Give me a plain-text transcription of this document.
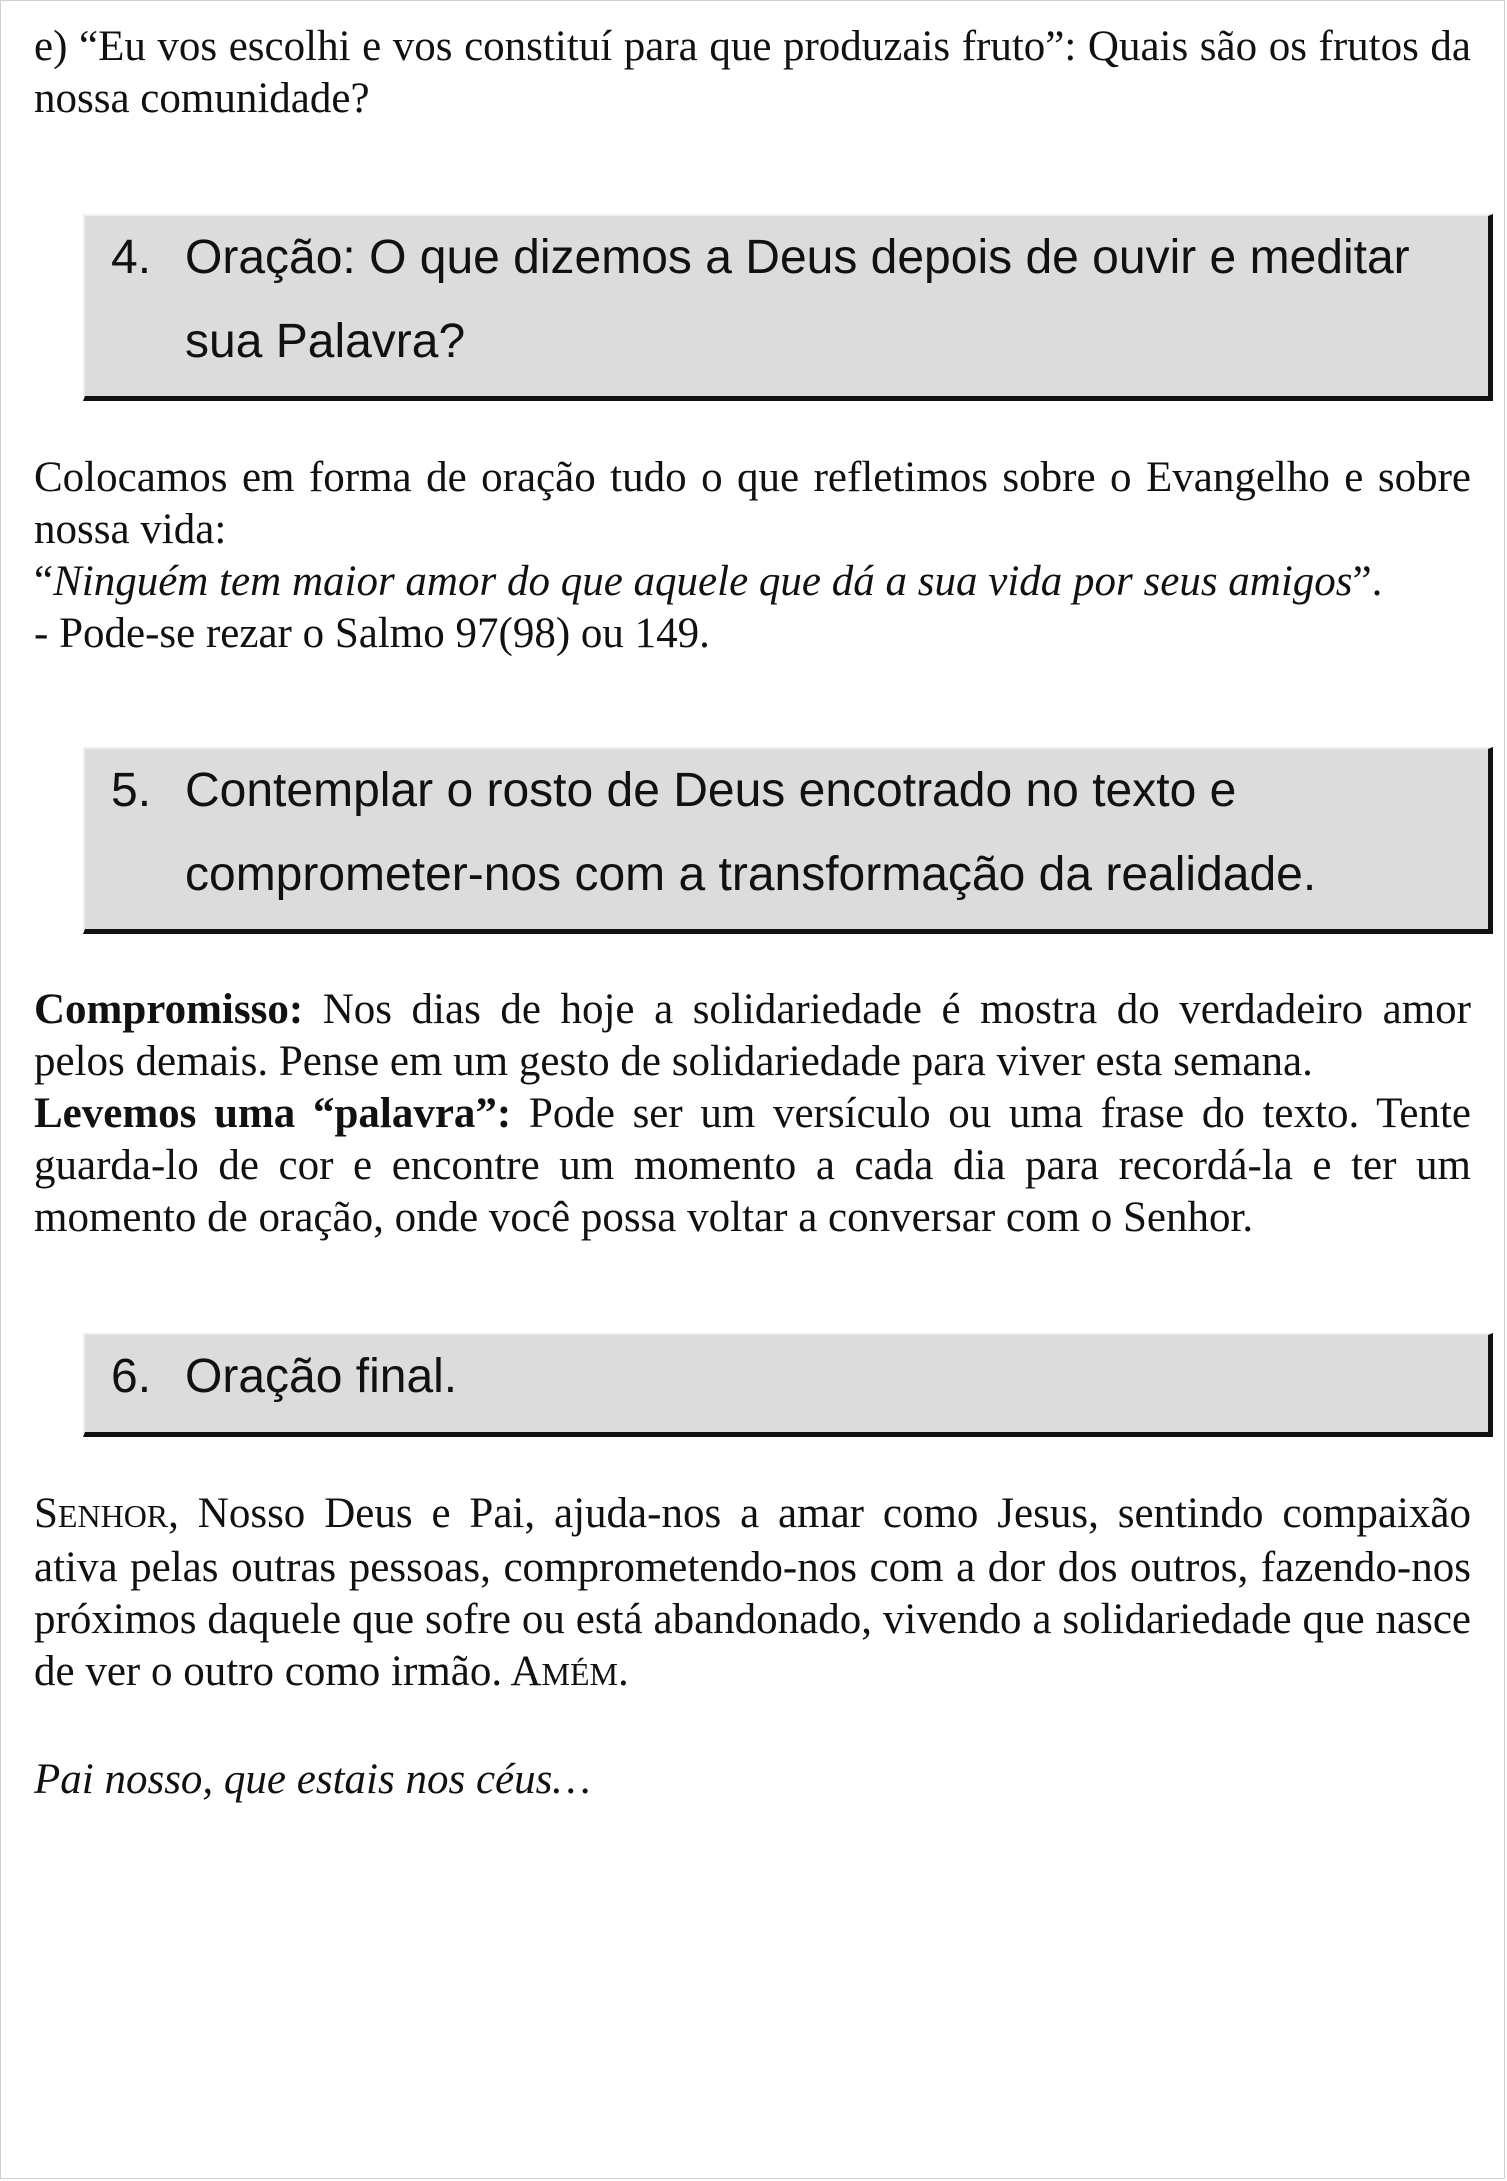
e) “Eu vos escolhi e vos constituí para que produzais fruto”: Quais são os frutos da nossa comunidade?

4. Oração: O que dizemos a Deus depois de ouvir e meditar sua Palavra?
Colocamos em forma de oração tudo o que refletimos sobre o Evangelho e sobre nossa vida:
“Ninguém tem maior amor do que aquele que dá a sua vida por seus amigos”.
- Pode-se rezar o Salmo 97(98) ou 149.
5. Contemplar o rosto de Deus encotrado no texto e comprometer-nos com a transformação da realidade.
Compromisso: Nos dias de hoje a solidariedade é mostra do verdadeiro amor pelos demais. Pense em um gesto de solidariedade para viver esta semana.
Levemos uma “palavra”: Pode ser um versículo ou uma frase do texto. Tente guarda-lo de cor e encontre um momento a cada dia para recordá-la e ter um momento de oração, onde você possa voltar a conversar com o Senhor.
6. Oração final.

SENHOR, Nosso Deus e Pai, ajuda-nos a amar como Jesus, sentindo compaixão ativa pelas outras pessoas, comprometendo-nos com a dor dos outros, fazendo-nos próximos daquele que sofre ou está abandonado, vivendo a solidariedade que nasce de ver o outro como irmão. AMÉM.

Pai nosso, que estais nos céus…
